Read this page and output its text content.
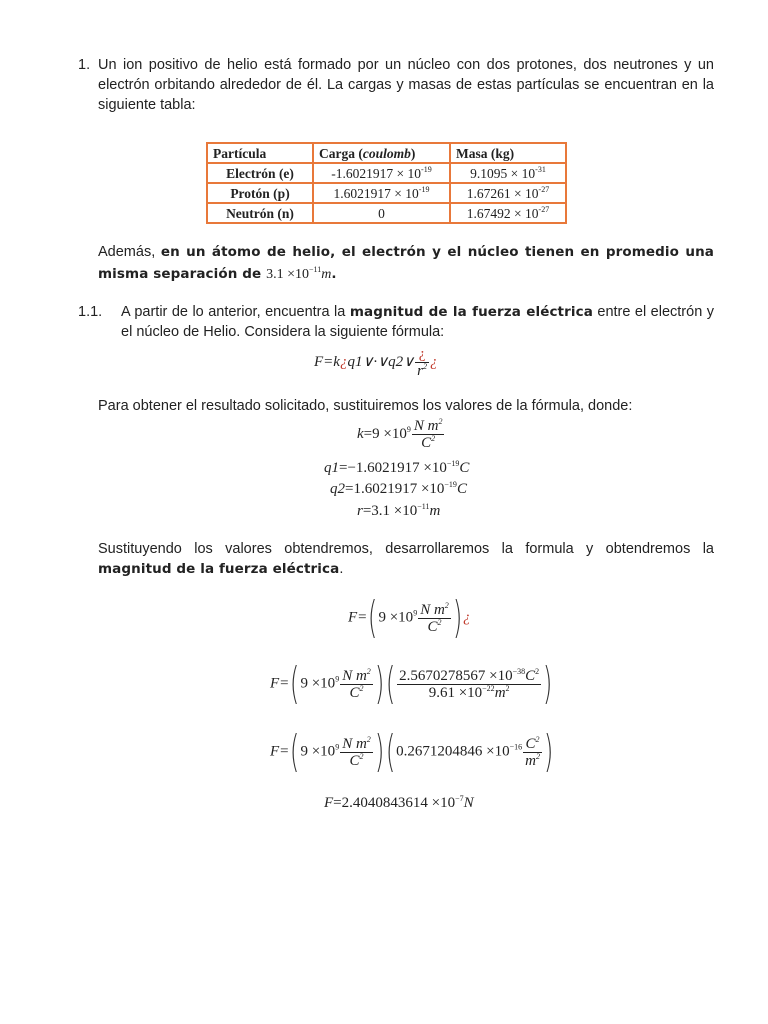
1. Un ion positivo de helio está formado por un núcleo con dos protones, dos neutrones y un electrón orbitando alrededor de él. La cargas y masas de estas partículas se encuentran en la siguiente tabla:
Partícula	Carga (coulomb)	Masa (kg)
Electrón (e)	$-1.6021917 \times 10^{-19}$	$9.1095 \times 10^{-31}$
Protón (p)	$1.6021917 \times 10^{-19}$	$1.67261 \times 10^{-27}$
Neutrón (n)	0	$1.67492 \times 10^{-27}$
Además, en un átomo de helio, el electrón y el núcleo tienen en promedio una misma separación de $3.1 \times 10^{-11}m$.
1.1. A partir de lo anterior, encuentra la magnitud de la fuerza eléctrica entre el electrón y el núcleo de Helio. Considera la siguiente fórmula:
F=k¿q1∨·∨q2∨ $\frac{¿}{r^2}$ ¿
Para obtener el resultado solicitado, sustituiremos los valores de la fórmula, donde:
$k=9 \times 10^9 \frac{N m^2}{C^2}$
$q1=-1.6021917 \times 10^{-19}C$
$q2=1.6021917 \times 10^{-19}C$
$r=3.1 \times 10^{-11}m$
Sustituyendo los valores obtendremos, desarrollaremos la formula y obtendremos la magnitud de la fuerza eléctrica.
$F=(9 \times 10^9 \frac{N m^2}{C^2}$ )¿
$F=(9 \times 10^9 \frac{N m^2}{C^2}$ )( $\frac{2.5670278567 \times 10^{-38}C^2}{9.61 \times 10^{-22}m^2}$ )
$F=(9 \times 10^9 \frac{N m^2}{C^2} )(0.2671204846 \times 10^{-16} \frac{C^2}{m^2}$ )
$F=2.4040843614 \times 10^{-7}N$
